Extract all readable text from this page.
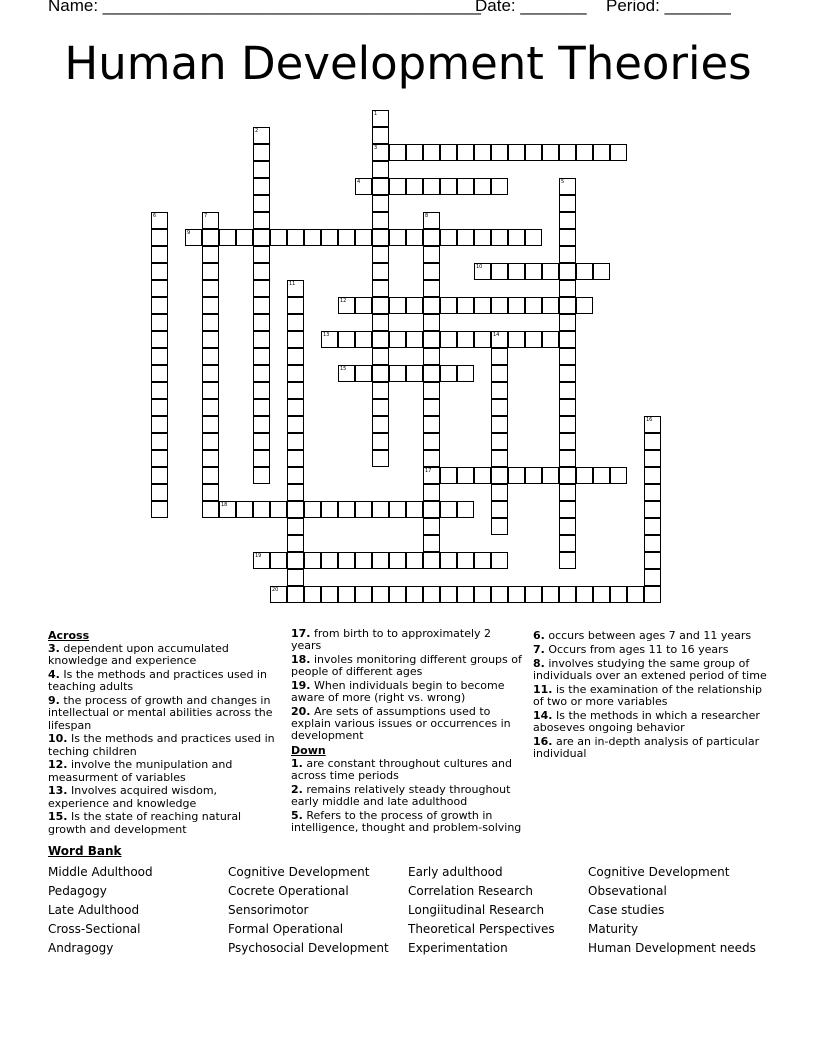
Name: ________________________________________
Date: _______ Period: _______
Human Development Theories
1
3
2
4	5
6	7	8
17
9
10
11
12
13	14
15
16
18
19
20
Across
3. dependent upon accumulated knowledge and experience
4. Is the methods and practices used in teaching adults
9. the process of growth and changes in intellectual or mental abilities across the lifespan
10. Is the methods and practices used in teching children
12. involve the munipulation and measurment of variables
13. Involves acquired wisdom, experience and knowledge
15. Is the state of reaching natural growth and development
17. from birth to to approximately 2 years
18. involes monitoring different groups of people of different ages
19. When individuals begin to become aware of more (right vs. wrong)
20. Are sets of assumptions used to explain various issues or occurrences in development
Down
1. are constant throughout cultures and across time periods
2. remains relatively steady throughout early middle and late adulthood
5. Refers to the process of growth in intelligence, thought and problem-solving
6. occurs between ages 7 and 11 years
7. Occurs from ages 11 to 16 years
8. involves studying the same group of individuals over an extened period of time
11. is the examination of the relationship of two or more variables
14. Is the methods in which a researcher aboseves ongoing behavior
16. are an in-depth analysis of particular individual
Word Bank
Middle Adulthood
Pedagogy
Late Adulthood
Cross-Sectional
Andragogy
Cognitive Development
Cocrete Operational
Sensorimotor
Formal Operational
Psychosocial Development
Early adulthood
Correlation Research
Longiitudinal Research
Theoretical Perspectives
Experimentation
Cognitive Development
Obsevational
Case studies
Maturity
Human Development needs
